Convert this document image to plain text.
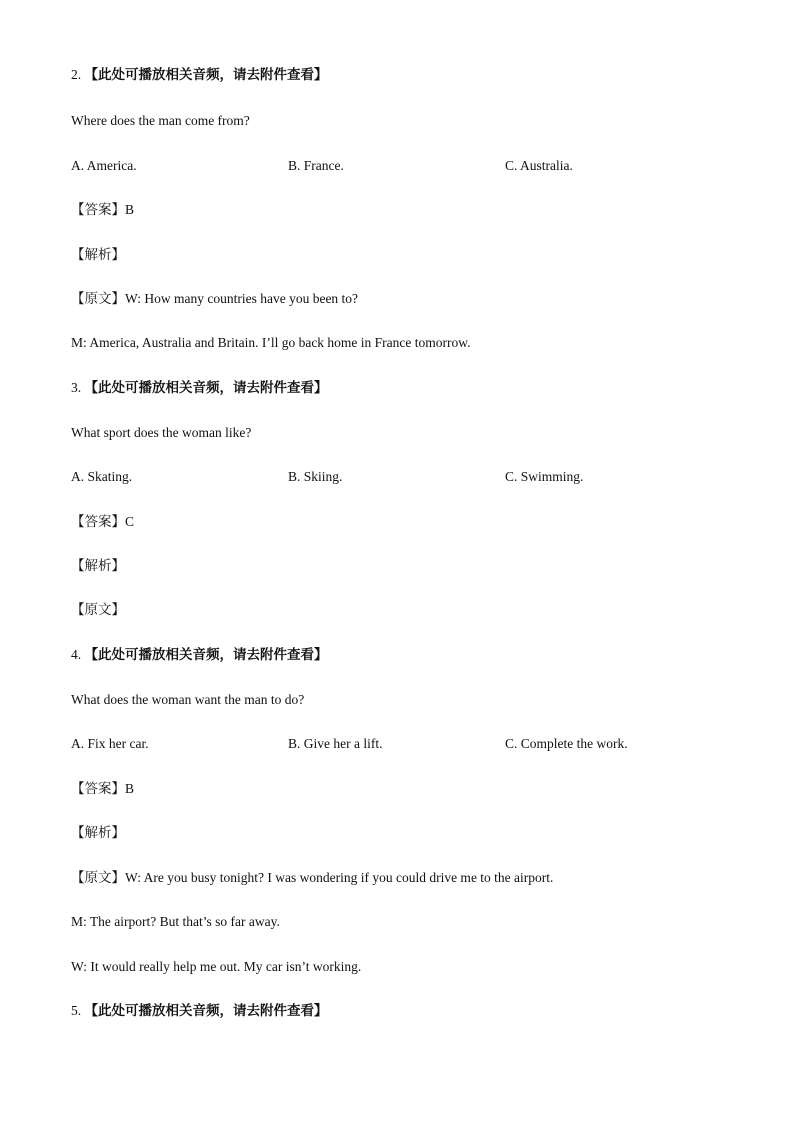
2. 【此处可播放相关音频，请去附件查看】
Where does the man come from?
A. America.	B. France.	C. Australia.
【答案】B
【解析】
【原文】W: How many countries have you been to?
M: America, Australia and Britain. I’ll go back home in France tomorrow.
3. 【此处可播放相关音频，请去附件查看】
What sport does the woman like?
A. Skating.	B. Skiing.	C. Swimming.
【答案】C
【解析】
【原文】
4. 【此处可播放相关音频，请去附件查看】
What does the woman want the man to do?
A. Fix her car.	B. Give her a lift.	C. Complete the work.
【答案】B
【解析】
【原文】W: Are you busy tonight? I was wondering if you could drive me to the airport.
M: The airport? But that’s so far away.
W: It would really help me out. My car isn’t working.
5. 【此处可播放相关音频，请去附件查看】
